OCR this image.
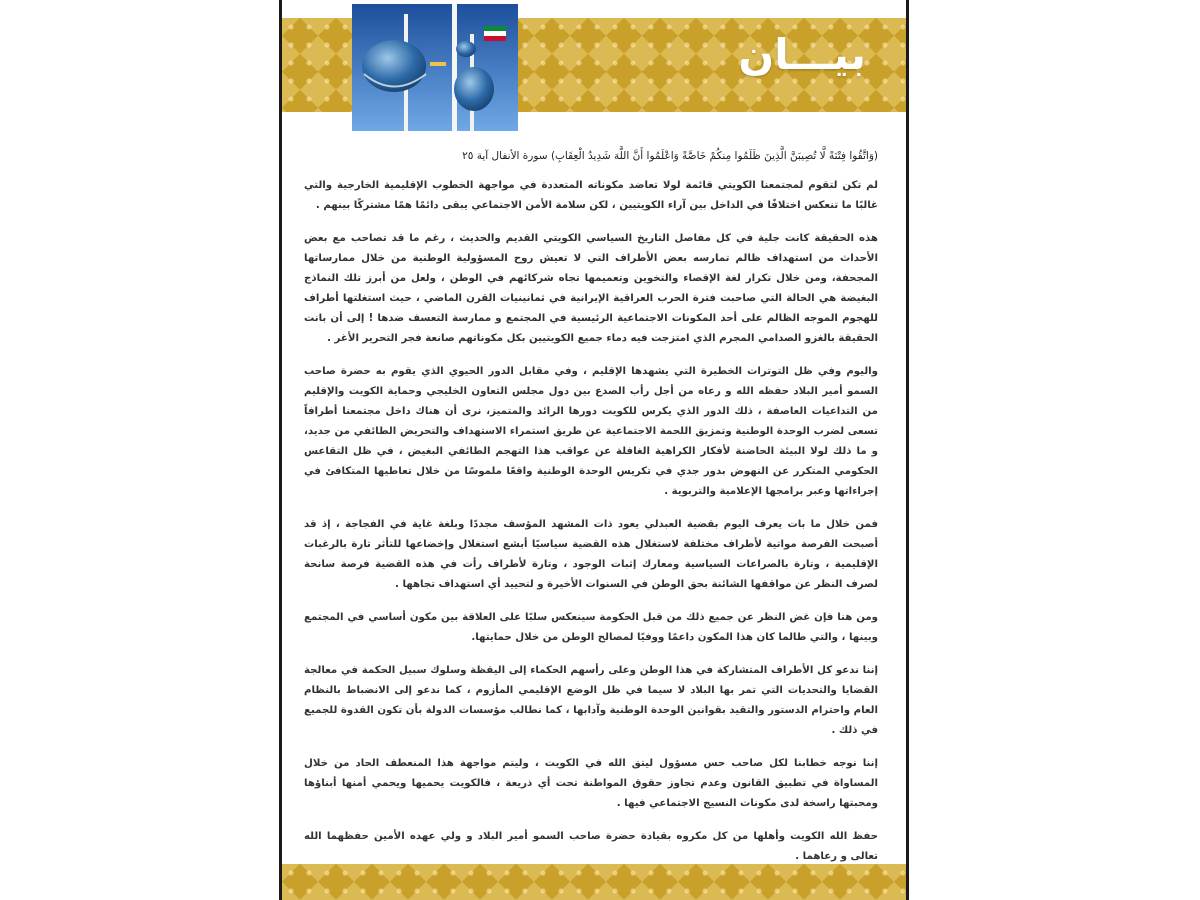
بيـــان

(وَاتَّقُوا فِتْنَةً لَّا تُصِيبَنَّ الَّذِينَ ظَلَمُوا مِنكُمْ خَاصَّةً وَاعْلَمُوا أَنَّ اللَّهَ شَدِيدُ الْعِقَابِ) سورة الأنفال آية ٢٥

لم تكن لتقوم لمجتمعنا الكويتي قائمة لولا تعاضد مكوناته المتعددة في مواجهة الخطوب الإقليمية الخارجية والتي غالبًا ما تنعكس اختلافًا في الداخل بين آراء الكويتيين ، لكن سلامة الأمن الاجتماعي يبقى دائمًا همًا مشتركًا بينهم .

هذه الحقيقة كانت جلية في كل مفاصل التاريخ السياسي الكويتي القديم والحديث ، رغم ما قد تصاحب مع بعض الأحداث من استهداف ظالم تمارسه بعض الأطراف التي لا تعيش روح المسؤولية الوطنية من خلال ممارساتها المجحفة، ومن خلال تكرار لغة الإقصاء والتخوين وتعميمها تجاه شركائهم في الوطن ، ولعل من أبرز تلك النماذج البغيضة هي الحالة التي صاحبت فترة الحرب العراقية الإيرانية في ثمانينيات القرن الماضي ، حيث استغلتها أطراف للهجوم الموجه الظالم على أحد المكونات الاجتماعية الرئيسية في المجتمع و ممارسة التعسف ضدها ! إلى أن بانت الحقيقة بالغزو الصدامي المجرم الذي امتزجت فيه دماء جميع الكويتيين بكل مكوناتهم صانعة فجر التحرير الأغر .

واليوم وفي ظل التوترات الخطيرة التي يشهدها الإقليم ، وفي مقابل الدور الحيوي الذي يقوم به حضرة صاحب السمو أمير البلاد حفظه الله و رعاه من أجل رأب الصدع بين دول مجلس التعاون الخليجي وحماية الكويت والإقليم من التداعيات العاصفة ، ذلك الدور الذي يكرس للكويت دورها الرائد والمتميز، نرى أن هناك داخل مجتمعنا أطرافاً تسعى لضرب الوحدة الوطنية وتمزيق اللحمة الاجتماعية عن طريق استمراء الاستهداف والتحريض الطائفي من جديد، و ما ذلك لولا البيئة الحاضنة لأفكار الكراهية الغافلة عن عواقب هذا التهجم الطائفي البغيض ، في ظل التقاعس الحكومي المتكرر عن النهوض بدور جدي في تكريس الوحدة الوطنية واقعًا ملموسًا من خلال تعاطيها المتكافئ في إجراءاتها وعبر برامجها الإعلامية والتربوية .

فمن خلال ما بات يعرف اليوم بقضية العبدلي يعود ذات المشهد المؤسف مجددًا وبلغة غاية في الفجاجة ، إذ قد أصبحت الفرصة مواتية لأطراف مختلفة لاستغلال هذه القضية سياسيًا أبشع استغلال وإخضاعها للتأثر تارة بالرغبات الإقليمية ، وتارة بالصراعات السياسية ومعارك إثبات الوجود ، وتارة لأطراف رأت في هذه القضية فرصة سانحة لصرف النظر عن مواقفها الشائنة بحق الوطن في السنوات الأخيرة و لتحييد أي استهداف تجاهها .

ومن هنا فإن غض النظر عن جميع ذلك من قبل الحكومة سينعكس سلبًا على العلاقة بين مكون أساسي في المجتمع وبينها ، والتي طالما كان هذا المكون داعمًا ووفيًا لمصالح الوطن من خلال حمايتها.

إننا ندعو كل الأطراف المتشاركة في هذا الوطن وعلى رأسهم الحكماء إلى اليقظة وسلوك سبيل الحكمة في معالجة القضايا والتحديات التي تمر بها البلاد لا سيما في ظل الوضع الإقليمي المأزوم ، كما ندعو إلى الانضباط بالنظام العام واحترام الدستور والتقيد بقوانين الوحدة الوطنية وآدابها ، كما نطالب مؤسسات الدولة بأن تكون القدوة للجميع في ذلك .

إننا نوجه خطابنا لكل صاحب حس مسؤول ليتق الله في الكويت ، وليتم مواجهة هذا المنعطف الحاد من خلال المساواة في تطبيق القانون وعدم تجاوز حقوق المواطنة تحت أي ذريعة ، فالكويت يحميها ويحمي أمنها أبناؤها ومحبتها راسخة لدى مكونات النسيج الاجتماعي فيها .

حفظ الله الكويت وأهلها من كل مكروه بقيادة حضرة صاحب السمو أمير البلاد و ولي عهده الأمين حفظهما الله تعالى و رعاهما .
